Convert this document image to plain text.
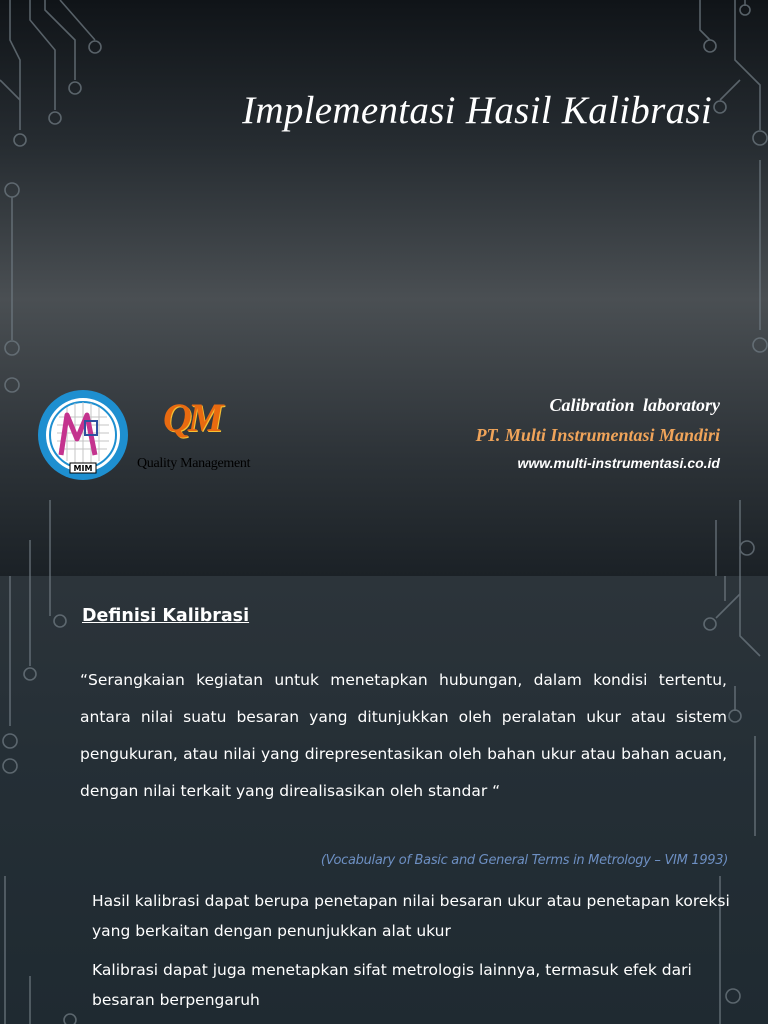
Implementasi Hasil Kalibrasi
MIM
QM
Quality Management
Calibration laboratory
PT. Multi Instrumentasi Mandiri
www.multi-instrumentasi.co.id
Definisi Kalibrasi
“Serangkaian kegiatan untuk menetapkan hubungan, dalam kondisi tertentu, antara nilai suatu besaran yang ditunjukkan oleh peralatan ukur atau sistem pengukuran, atau nilai yang direpresentasikan oleh bahan ukur atau bahan acuan, dengan nilai terkait yang direalisasikan oleh standar “
(Vocabulary of Basic and General Terms in Metrology – VIM 1993)
Hasil kalibrasi dapat berupa penetapan nilai besaran ukur atau penetapan koreksi yang berkaitan dengan penunjukkan alat ukur
Kalibrasi dapat juga menetapkan sifat metrologis lainnya, termasuk efek dari besaran berpengaruh
